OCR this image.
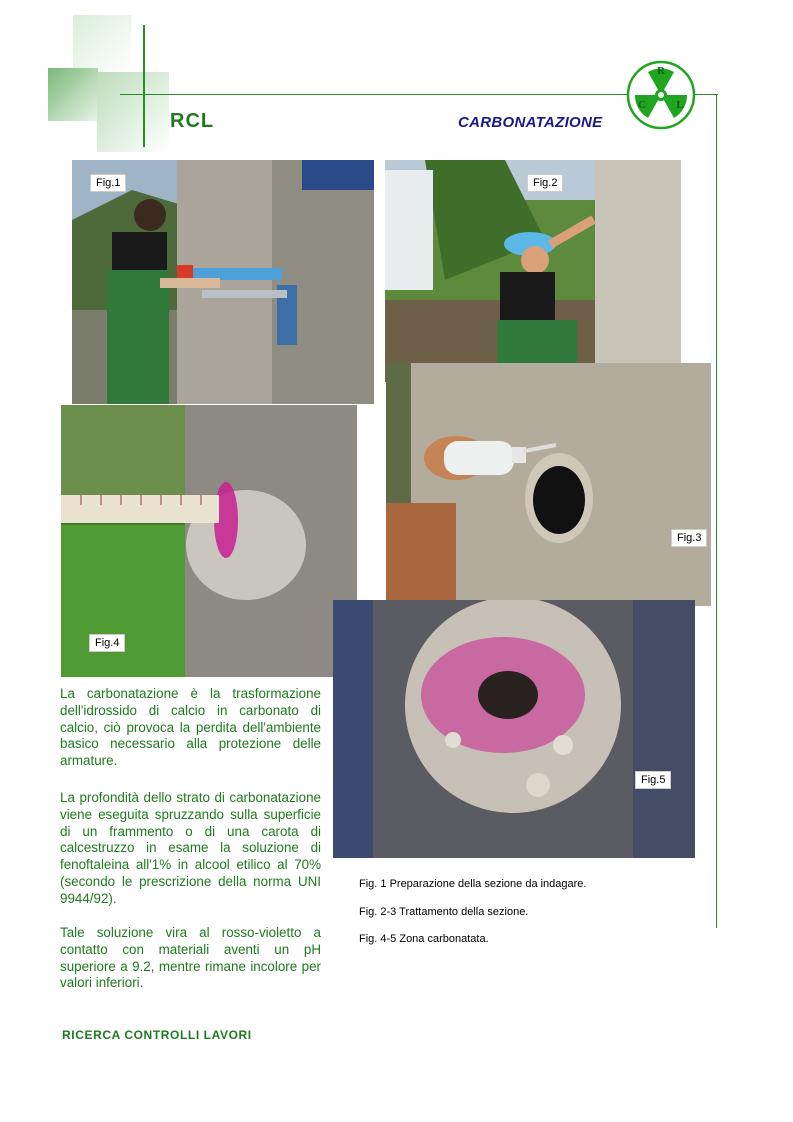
RCL	CARBONATAZIONE
R
C	L
Fig.1	Fig.2
Fig.4
Fig.3
Fig.5
La carbonatazione è la trasformazione dell'idrossido di calcio in carbonato di calcio, ciò provoca la perdita dell'ambiente basico necessario alla protezione delle armature.
La profondità dello strato di carbonatazione viene eseguita spruzzando sulla superficie di un frammento o di una carota di calcestruzzo in esame la soluzione di fenoftaleina all'1% in alcool etilico al 70% (secondo le prescrizione della norma UNI 9944/92).
Tale soluzione vira al rosso-violetto a contatto con materiali aventi un pH superiore a 9.2, mentre rimane incolore per valori inferiori.
Fig. 1 Preparazione della sezione da indagare.
Fig. 2-3 Trattamento della sezione.
Fig. 4-5 Zona carbonatata.
RICERCA CONTROLLI LAVORI
